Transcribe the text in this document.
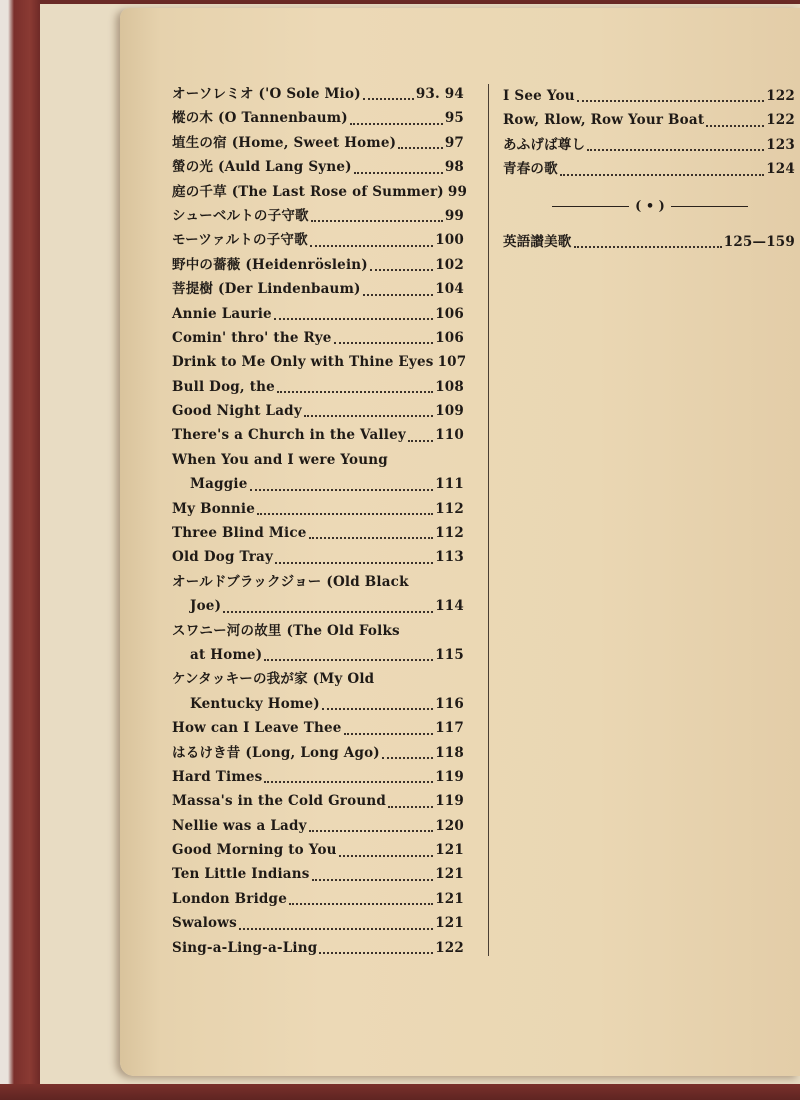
オーソレミオ ('O Sole Mio)	93. 94
樅の木 (O Tannenbaum)	95
埴生の宿 (Home, Sweet Home)	97
螢の光 (Auld Lang Syne)	98
庭の千草 (The Last Rose of Summer) 99
シューベルトの子守歌	99
モーツァルトの子守歌	100
野中の薔薇 (Heidenröslein)	102
菩提樹 (Der Lindenbaum)	104
Annie Laurie	106
Comin' thro' the Rye	106
Drink to Me Only with Thine Eyes 107
Bull Dog, the	108
Good Night Lady	109
There's a Church in the Valley 110
When You and I were Young
Maggie	111
My Bonnie	112
Three Blind Mice	112
Old Dog Tray	113
オールドブラックジョー (Old Black
Joe)	114
スワニー河の故里 (The Old Folks
at Home)	115
ケンタッキーの我が家 (My Old
Kentucky Home)	116
How can I Leave Thee	117
はるけき昔 (Long, Long Ago)	118
Hard Times	119
Massa's in the Cold Ground	119
Nellie was a Lady	120
Good Morning to You	121
Ten Little Indians	121
London Bridge	121
Swalows	121
Sing-a-Ling-a-Ling	122
I See You	122
Row, Rlow, Row Your Boat	122
あふげば尊し	123
青春の歌	124
( • )
英語讃美歌	125—159
